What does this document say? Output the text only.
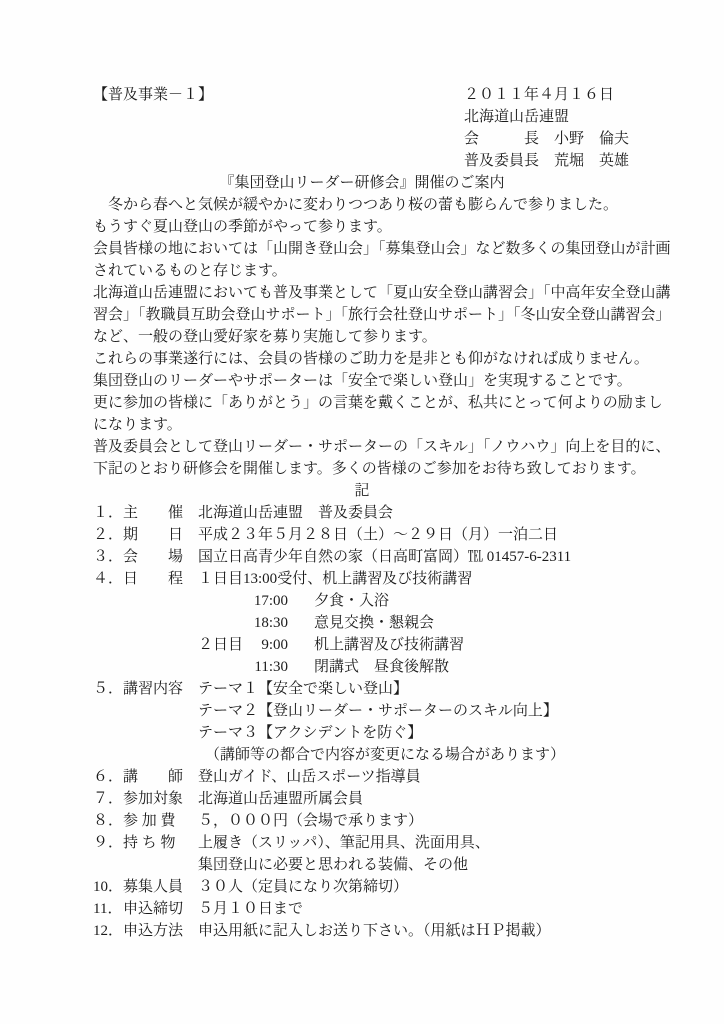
【普及事業－１】	２０１１年４月１６日
北海道山岳連盟
会　　　長 小野　倫夫
普及委員長 荒堀　英雄
『集団登山リーダー研修会』開催のご案内
　冬から春へと気候が緩やかに変わりつつあり桜の蕾も膨らんで参りました。
もうすぐ夏山登山の季節がやって参ります。
会員皆様の地においては「山開き登山会」「募集登山会」など数多くの集団登山が計画
されているものと存じます。
北海道山岳連盟においても普及事業として「夏山安全登山講習会」「中高年安全登山講
習会」「教職員互助会登山サポート」「旅行会社登山サポート」「冬山安全登山講習会」
など、一般の登山愛好家を募り実施して参ります。
これらの事業遂行には、会員の皆様のご助力を是非とも仰がなければ成りません。
集団登山のリーダーやサポーターは「安全で楽しい登山」を実現することです。
更に参加の皆様に「ありがとう」の言葉を戴くことが、私共にとって何よりの励まし
になります。
普及委員会として登山リーダー・サポーターの「スキル」「ノウハウ」向上を目的に、
下記のとおり研修会を開催します。多くの皆様のご参加をお待ち致しております。
記
１． 主　　催 北海道山岳連盟　普及委員会
２． 期　　日 平成２３年５月２８日（土）～２９日（月）一泊二日
３． 会　　場 国立日高青少年自然の家（日高町富岡）℡ 01457-6-2311
４． 日　　程 １日目 13:00 受付、机上講習及び技術講習
17:00	夕食・入浴
18:30	意見交換・懇親会
２日目	9:00	机上講習及び技術講習
11:30	閉講式　昼食後解散
５． 講習内容 テーマ１【安全で楽しい登山】
テーマ２【登山リーダー・サポーターのスキル向上】
テーマ３【アクシデントを防ぐ】
（講師等の都合で内容が変更になる場合があります）
６． 講　　師 登山ガイド、山岳スポーツ指導員
７． 参加対象 北海道山岳連盟所属会員
８． 参 加 費	５，０００円（会場で承ります）
９． 持 ち 物	上履き（スリッパ）、筆記用具、洗面用具、
集団登山に必要と思われる装備、その他
10． 募集人員 ３０人（定員になり次第締切）
11． 申込締切 ５月１０日まで
12． 申込方法 申込用紙に記入しお送り下さい。（用紙はＨＰ掲載）
